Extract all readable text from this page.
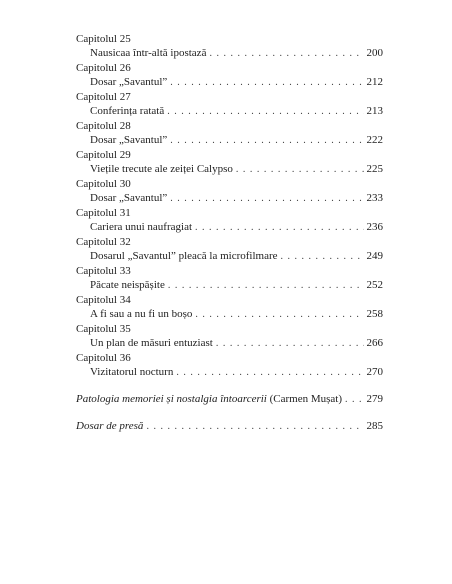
Capitolul 25
Nausicaa într-altă ipostază . . .	200
Capitolul 26
Dosar „Savantul” . . .	212
Capitolul 27
Conferința ratată . . .	213
Capitolul 28
Dosar „Savantul” . . .	222
Capitolul 29
Viețile trecute ale zeiței Calypso . . .	225
Capitolul 30
Dosar „Savantul” . . .	233
Capitolul 31
Cariera unui naufragiat . . .	236
Capitolul 32
Dosarul „Savantul” pleacă la microfilmare . . .	249
Capitolul 33
Păcate neispășite . . .	252
Capitolul 34
A fi sau a nu fi un boșo . . .	258
Capitolul 35
Un plan de măsuri entuziast . . .	266
Capitolul 36
Vizitatorul nocturn . . .	270
Patologia memoriei și nostalgia întoarcerii (Carmen Mușat) . . . 279
Dosar de presă . . .	285
